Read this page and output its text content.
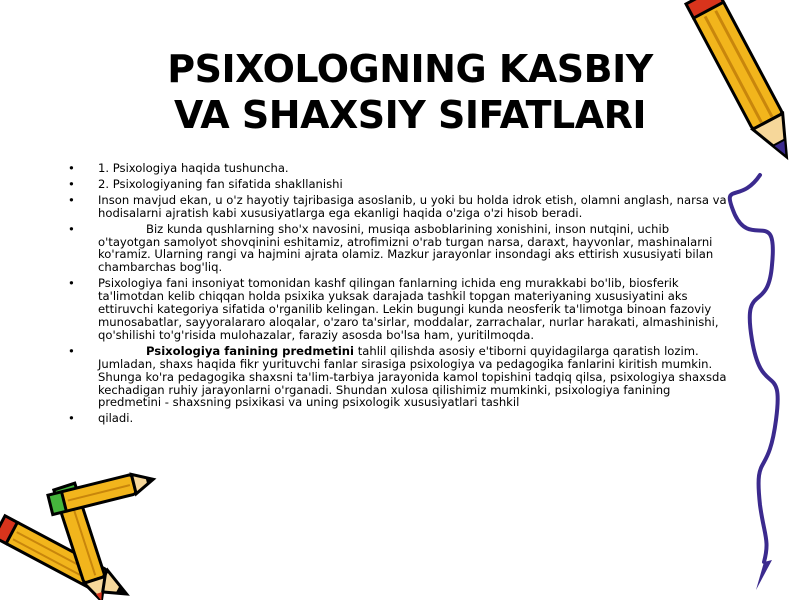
PSIXOLOGNING KASBIY
VA SHAXSIY SIFATLARI
• 1. Psixologiya haqida tushuncha.
• 2. Psixologiyaning fan sifatida shakllanishi
• Inson mavjud ekan, u o'z hayotiy tajribasiga asoslanib, u yoki bu holda idrok etish, olamni anglash, narsa va hodisalarni ajratish kabi xususiyatlarga ega ekanligi haqida o'ziga o'zi hisob beradi.
•	Biz kunda qushlarning sho'x navosini, musiqa asboblarining xonishini, inson nutqini, uchib o'tayotgan samolyot shovqinini eshitamiz, atrofimizni o'rab turgan narsa, daraxt, hayvonlar, mashinalarni ko'ramiz. Ularning rangi va hajmini ajrata olamiz. Mazkur jarayonlar insondagi aks ettirish xususiyati bilan chambarchas bog'liq.
• Psixologiya fani insoniyat tomonidan kashf qilingan fanlarning ichida eng murakkabi bo'lib, biosferik ta'limotdan kelib chiqqan holda psixika yuksak darajada tashkil topgan materiyaning xususiyatini aks ettiruvchi kategoriya sifatida o'rganilib kelingan. Lekin bugungi kunda neosferik ta'limotga binoan fazoviy munosabatlar, sayyoralararo aloqalar, o'zaro ta'sirlar, moddalar, zarrachalar, nurlar harakati, almashinishi, qo'shilishi to'g'risida mulohazalar, faraziy asosda bo'lsa ham, yuritilmoqda.
•	Psixologiya fanining predmetini tahlil qilishda asosiy e'tiborni quyidagilarga qaratish lozim. Jumladan, shaxs haqida fikr yurituvchi fanlar sirasiga psixologiya va pedagogika fanlarini kiritish mumkin. Shunga ko'ra pedagogika shaxsni ta'lim-tarbiya jarayonida kamol topishini tadqiq qilsa, psixologiya shaxsda kechadigan ruhiy jarayonlarni o'rganadi. Shundan xulosa qilishimiz mumkinki, psixologiya fanining predmetini - shaxsning psixikasi va uning psixologik xususiyatlari tashkil
• qiladi.
